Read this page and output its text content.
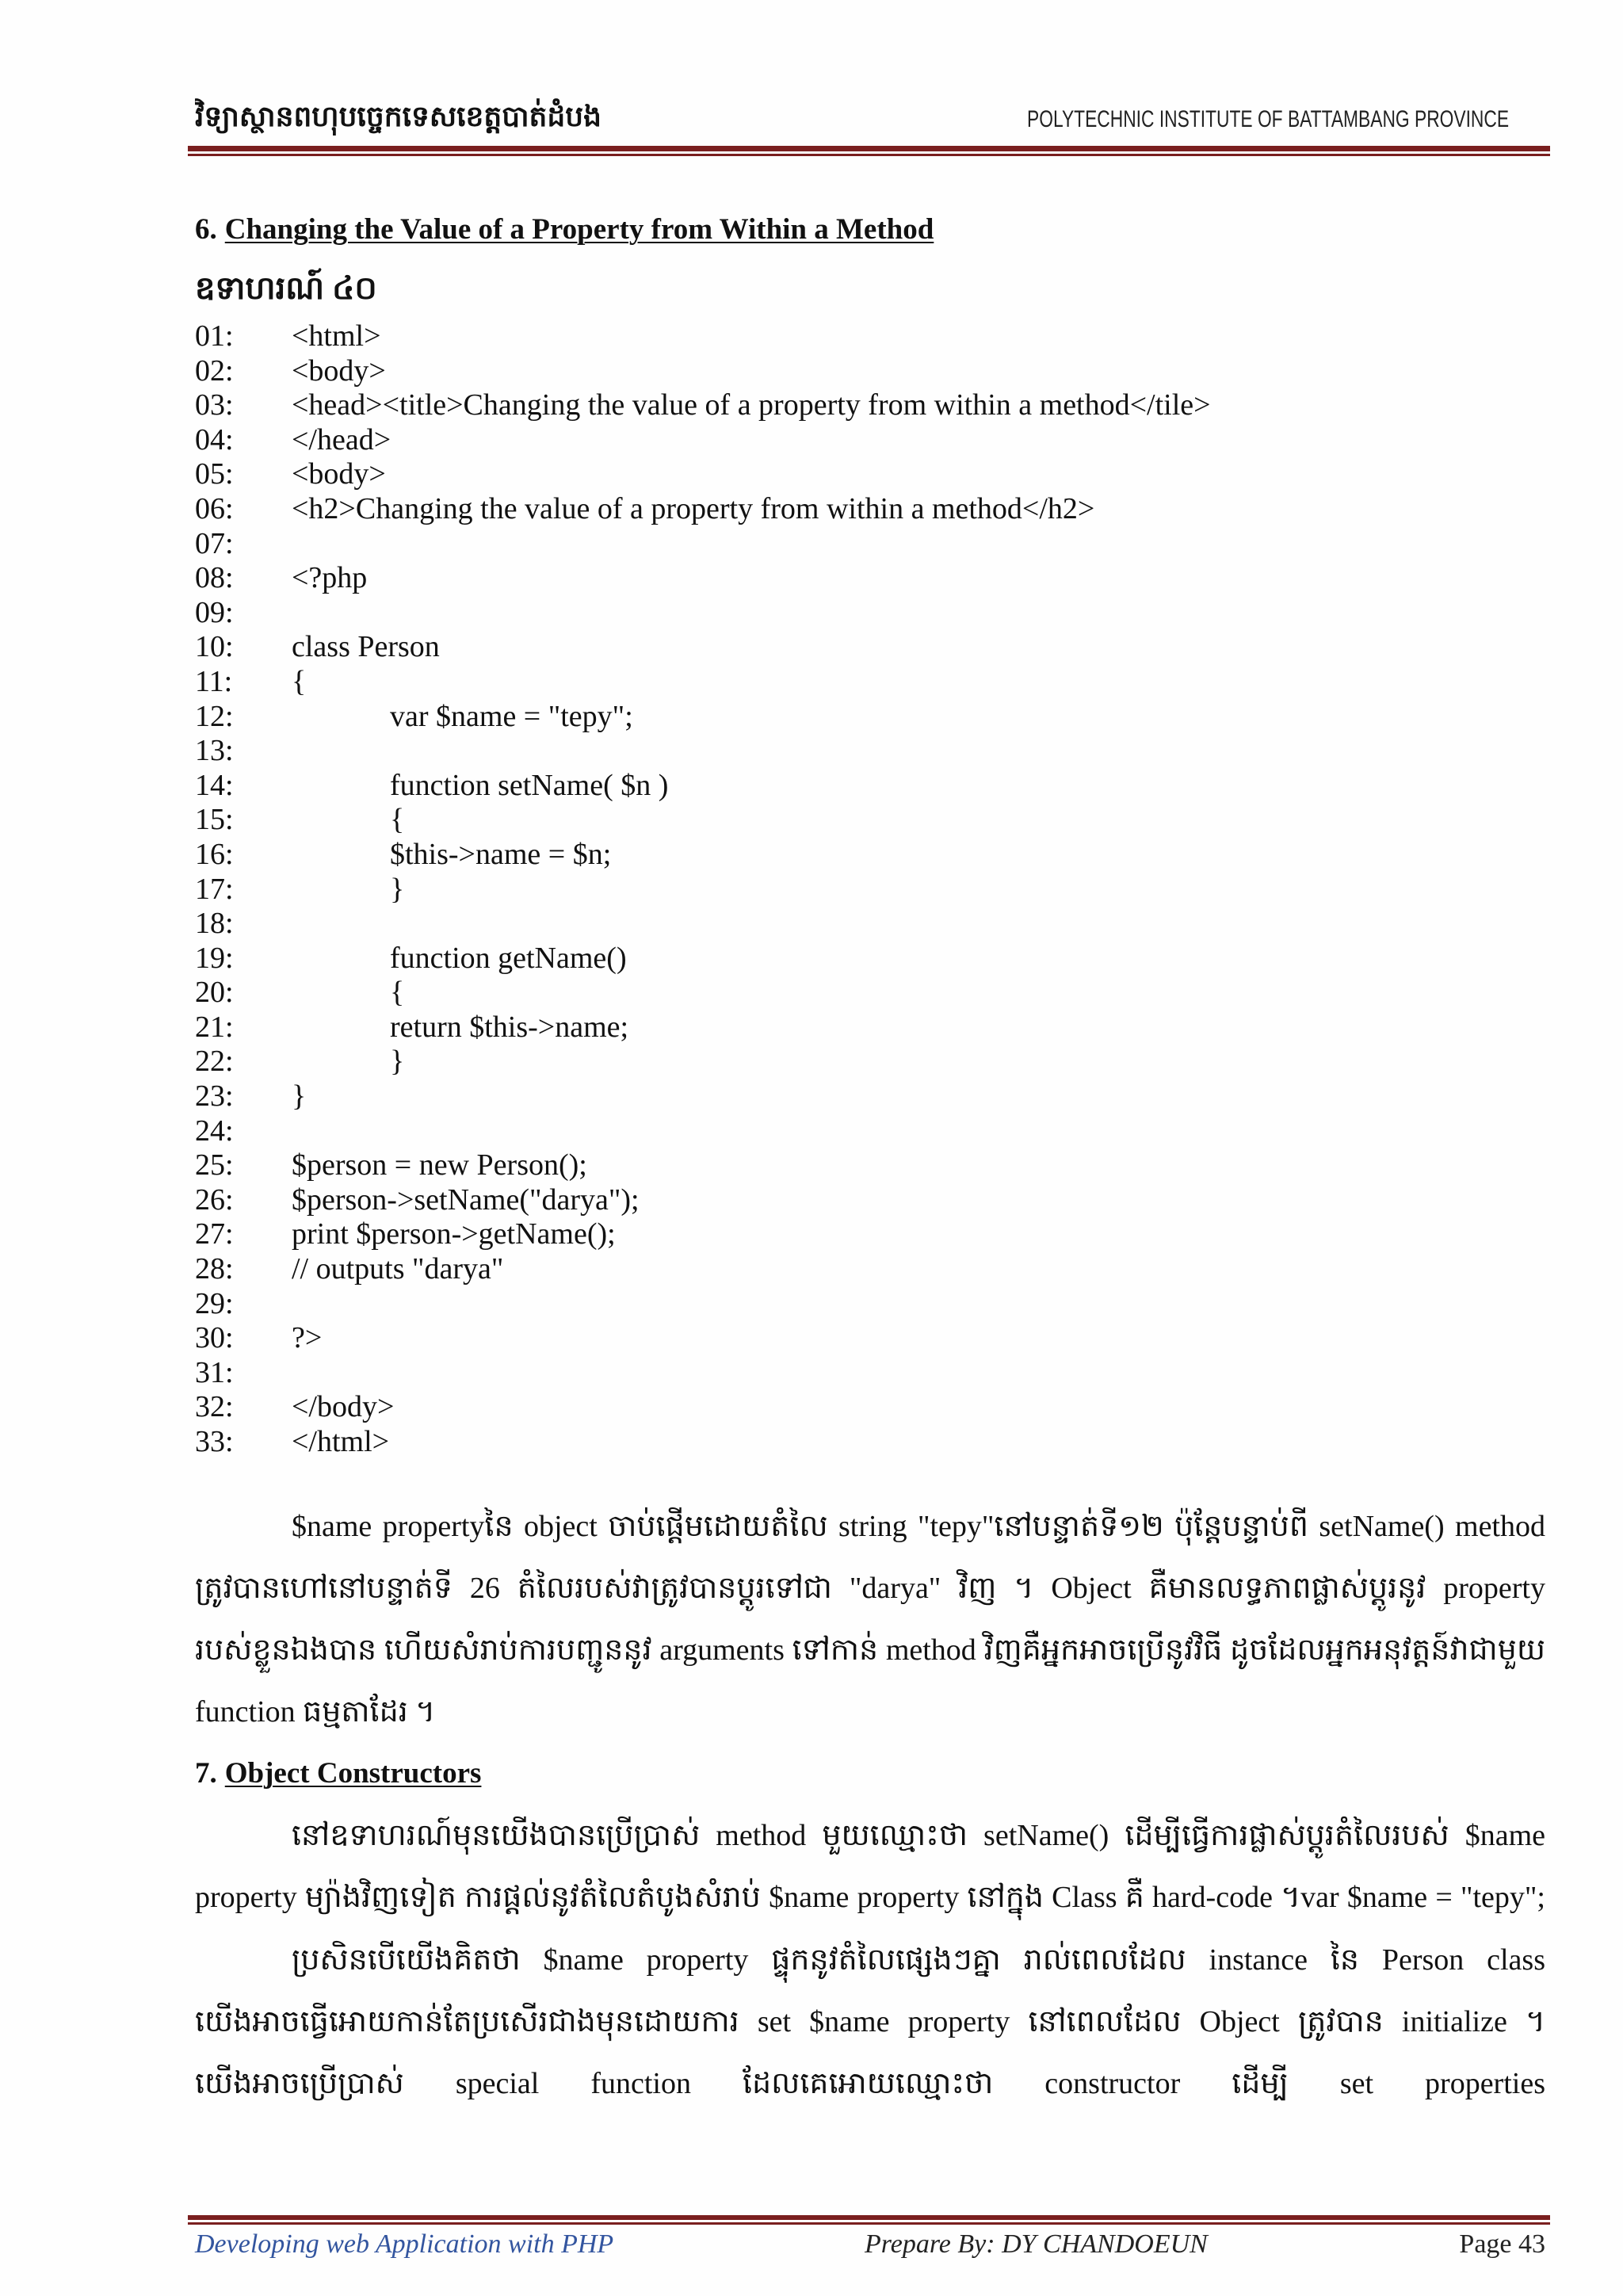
វិទ្យាស្ថានពហុបច្ចេកទេសខេត្តបាត់ដំបង	POLYTECHNIC INSTITUTE OF BATTAMBANG PROVINCE
6. Changing the Value of a Property from Within a Method
ឧទាហរណ៍ ៤០
01: <html>
02: <body>
03: <head><title>Changing the value of a property from within a method</tile>
04: </head>
05: <body>
06: <h2>Changing the value of a property from within a method</h2>
07:
08: <?php
09:
10: class Person
11: {
12:	var $name = "tepy";
13:
14:	function setName( $n )
15:	{
16:	$this->name = $n;
17:	}
18:
19:	function getName()
20:	{
21:	return $this->name;
22:	}
23: }
24:
25: $person = new Person();
26: $person->setName("darya");
27: print $person->getName();
28: // outputs "darya"
29:
30: ?>
31:
32: </body>
33: </html>
$name propertyនៃ object ចាប់ផ្តើមដោយតំលៃ string "tepy"នៅបន្ទាត់ទី១២ ប៉ុន្តែបន្ទាប់ពី setName() method
ត្រូវបានហៅនៅបន្ទាត់ទី 26 តំលៃរបស់វាត្រូវបានប្តូរទៅជា "darya" វិញ ។ Object គឺមានលទ្ធភាពផ្លាស់ប្តូរនូវ property
របស់ខ្លួនឯងបាន ហើយសំរាប់ការបញ្ជូននូវ arguments ទៅកាន់ method វិញគឺអ្នកអាចប្រើនូវវិធី ដូចដែលអ្នកអនុវត្តន៍វាជាមួយ
function ធម្មតាដែរ ។
7. Object Constructors
នៅឧទាហរណ៍មុនយើងបានប្រើប្រាស់ method មួយឈ្មោះថា setName() ដើម្បីធ្វើការផ្លាស់ប្តូរតំលៃរបស់ $name
property ម្យ៉ាងវិញទៀត ការផ្តល់នូវតំលៃតំបូងសំរាប់ $name property នៅក្នុង Class គឺ hard-code ។var $name = "tepy";
ប្រសិនបើយើងគិតថា $name property ផ្ទុកនូវតំលៃផ្សេងៗគ្នា រាល់ពេលដែល instance នៃ Person class
យើងអាចធ្វើអោយកាន់តែប្រសើរជាងមុនដោយការ set $name property នៅពេលដែល Object ត្រូវបាន initialize ។
យើងអាចប្រើប្រាស់ special function ដែលគេអោយឈ្មោះថា constructor ដើម្បី set properties
Developing web Application with PHP	Prepare By: DY CHANDOEUN	Page 43
